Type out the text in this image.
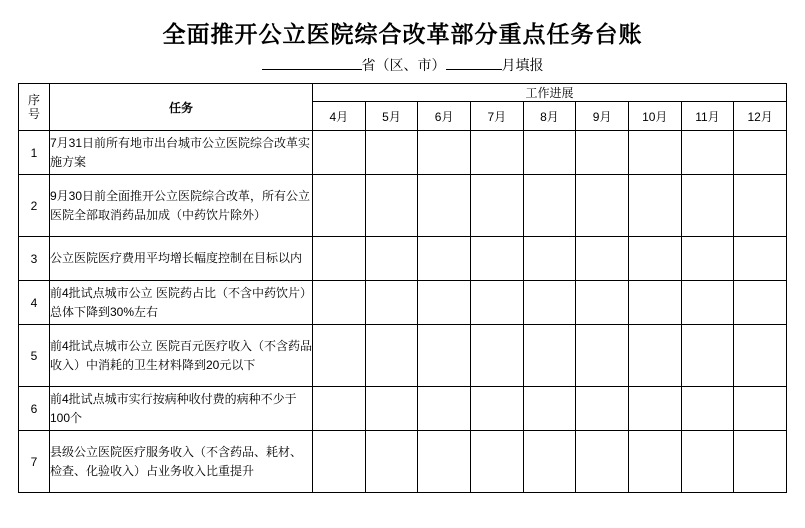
全面推开公立医院综合改革部分重点任务台账
省（区、市）	月填报
序
号	任务	工作进展								
		4月	5月	6月	7月	8月	9月	10月	11月	12月
1	7月31日前所有地市出台城市公立医院综合改革实施方案									
2	9月30日前全面推开公立医院综合改革，所有公立医院全部取消药品加成（中药饮片除外）									
3	公立医院医疗费用平均增长幅度控制在目标以内									
4	前4批试点城市公立 医院药占比（不含中药饮片）总体下降到30%左右									
5	前4批试点城市公立 医院百元医疗收入（不含药品收入）中消耗的卫生材料降到20元以下									
6	前4批试点城市实行按病种收付费的病种不少于100个									
7	县级公立医院医疗服务收入（不含药品、耗材、检查、化验收入）占业务收入比重提升									
